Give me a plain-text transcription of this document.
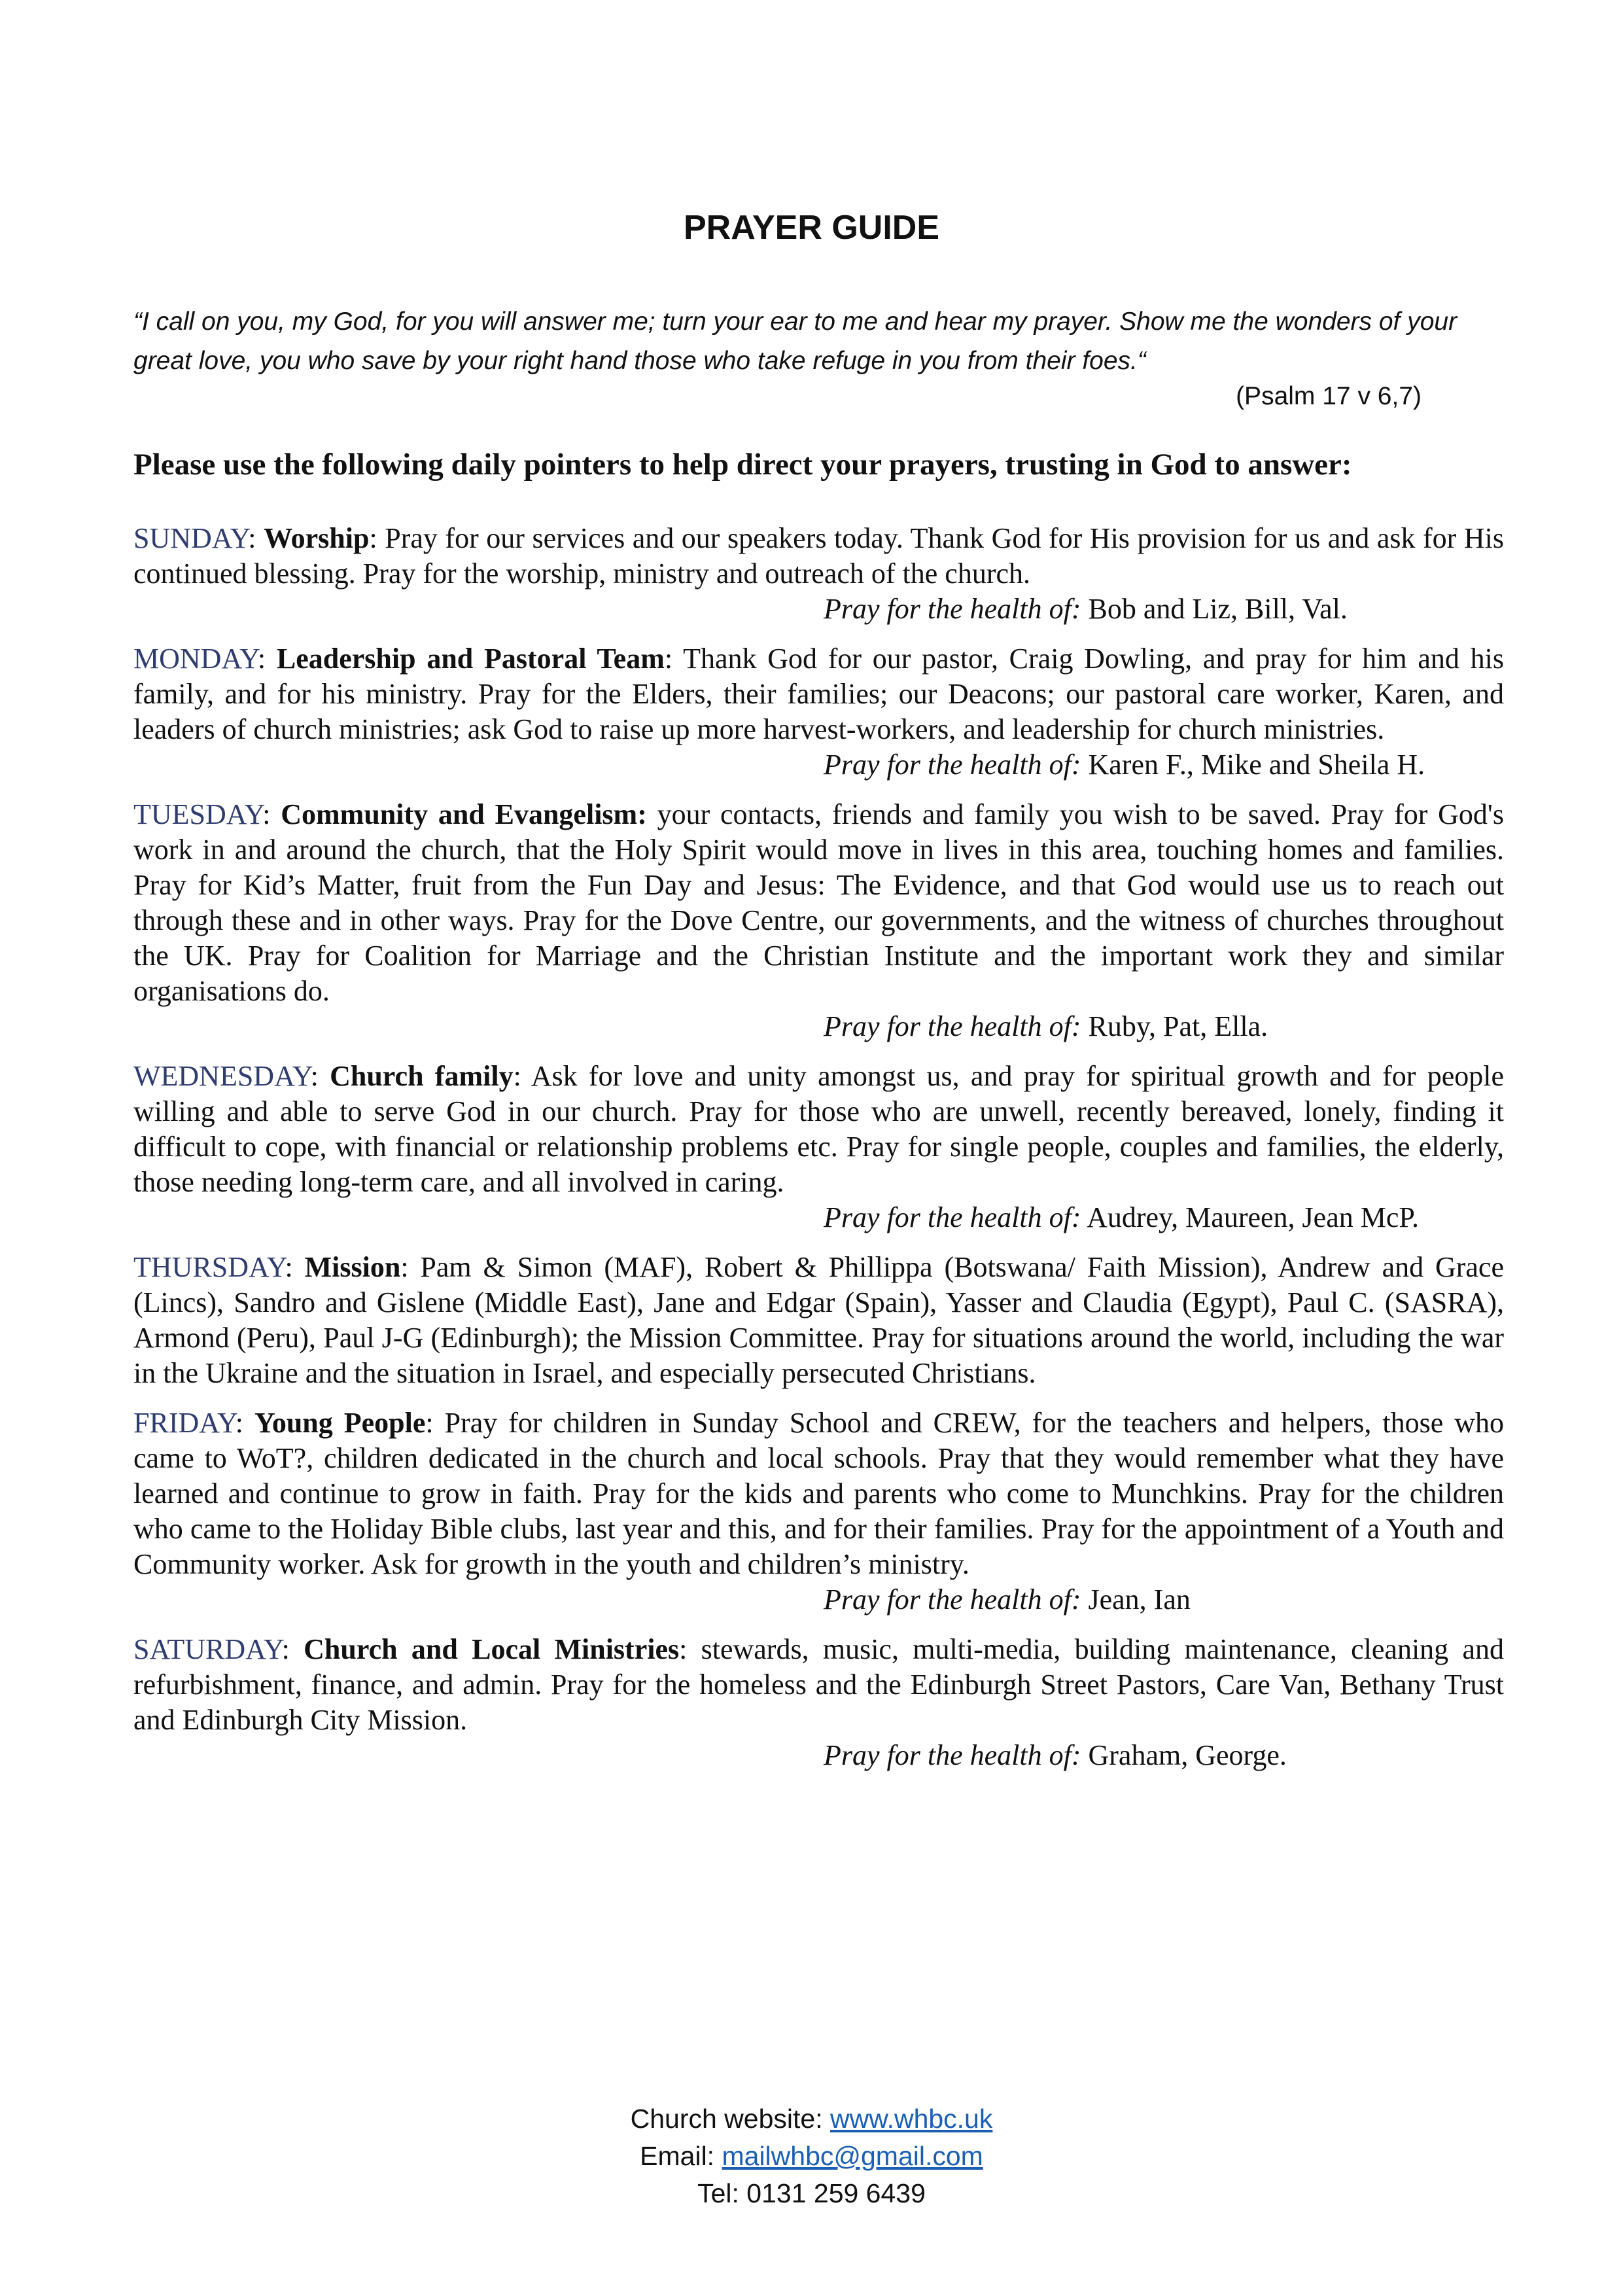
PRAYER GUIDE

“I call on you, my God, for you will answer me; turn your ear to me and hear my prayer. Show me the wonders of your great love, you who save by your right hand those who take refuge in you from their foes.“

(Psalm 17 v 6,7)

Please use the following daily pointers to help direct your prayers, trusting in God to answer:

SUNDAY: Worship: Pray for our services and our speakers today. Thank God for His provision for us and ask for His continued blessing. Pray for the worship, ministry and outreach of the church.
Pray for the health of: Bob and Liz, Bill, Val.

MONDAY: Leadership and Pastoral Team: Thank God for our pastor, Craig Dowling, and pray for him and his family, and for his ministry. Pray for the Elders, their families; our Deacons; our pastoral care worker, Karen, and leaders of church ministries; ask God to raise up more harvest-workers, and leadership for church ministries.
Pray for the health of: Karen F., Mike and Sheila H.

TUESDAY: Community and Evangelism: your contacts, friends and family you wish to be saved. Pray for God's work in and around the church, that the Holy Spirit would move in lives in this area, touching homes and families. Pray for Kid’s Matter, fruit from the Fun Day and Jesus: The Evidence, and that God would use us to reach out through these and in other ways. Pray for the Dove Centre, our governments, and the witness of churches throughout the UK. Pray for Coalition for Marriage and the Christian Institute and the important work they and similar organisations do.
Pray for the health of: Ruby, Pat, Ella.

WEDNESDAY: Church family: Ask for love and unity amongst us, and pray for spiritual growth and for people willing and able to serve God in our church. Pray for those who are unwell, recently bereaved, lonely, finding it difficult to cope, with financial or relationship problems etc. Pray for single people, couples and families, the elderly, those needing long-term care, and all involved in caring.
Pray for the health of: Audrey, Maureen, Jean McP.

THURSDAY: Mission: Pam & Simon (MAF), Robert & Phillippa (Botswana/ Faith Mission), Andrew and Grace (Lincs), Sandro and Gislene (Middle East), Jane and Edgar (Spain), Yasser and Claudia (Egypt), Paul C. (SASRA), Armond (Peru), Paul J-G (Edinburgh); the Mission Committee. Pray for situations around the world, including the war in the Ukraine and the situation in Israel, and especially persecuted Christians.

FRIDAY: Young People: Pray for children in Sunday School and CREW, for the teachers and helpers, those who came to WoT?, children dedicated in the church and local schools. Pray that they would remember what they have learned and continue to grow in faith. Pray for the kids and parents who come to Munchkins. Pray for the children who came to the Holiday Bible clubs, last year and this, and for their families. Pray for the appointment of a Youth and Community worker. Ask for growth in the youth and children’s ministry.
Pray for the health of: Jean, Ian

SATURDAY: Church and Local Ministries: stewards, music, multi-media, building maintenance, cleaning and refurbishment, finance, and admin. Pray for the homeless and the Edinburgh Street Pastors, Care Van, Bethany Trust and Edinburgh City Mission.
Pray for the health of: Graham, George.

Church website: www.whbc.uk
Email: mailwhbc@gmail.com
Tel: 0131 259 6439
